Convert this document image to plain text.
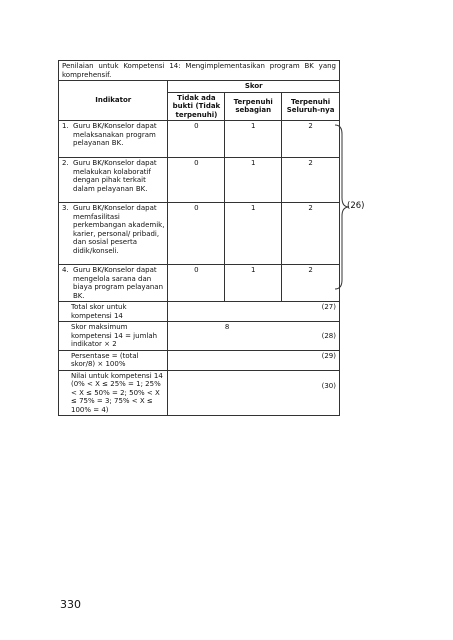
Penilaian untuk Kompetensi 14: Mengimplementasikan program BK yang komprehensif.			
Indikator	Skor		
	Tidak ada bukti (Tidak terpenuhi)	Terpenuhi sebagian	Terpenuhi Seluruh-nya

1. Guru BK/Konselor dapat melaksanakan program pelayanan BK.	0	1	2

2. Guru BK/Konselor dapat melakukan kolaboratif dengan pihak terkait dalam pelayanan BK.	0	1	2

3. Guru BK/Konselor dapat memfasilitasi perkembangan akademik, karier, personal/ pribadi, dan sosial peserta didik/konseli.	0	1	2

4. Guru BK/Konselor dapat mengelola sarana dan biaya program pelayanan BK.	0	1	2
Total skor untuk kompetensi 14			(27)
Skor maksimum kompetensi 14 = jumlah indikator × 2		8	(28)
Persentase = (total skor/8) × 100%			(29)
Nilai untuk kompetensi 14 (0% < X ≤ 25% = 1; 25% < X ≤ 50% = 2; 50% < X ≤ 75% = 3; 75% < X ≤ 100% = 4)			(30)
(26)
330
